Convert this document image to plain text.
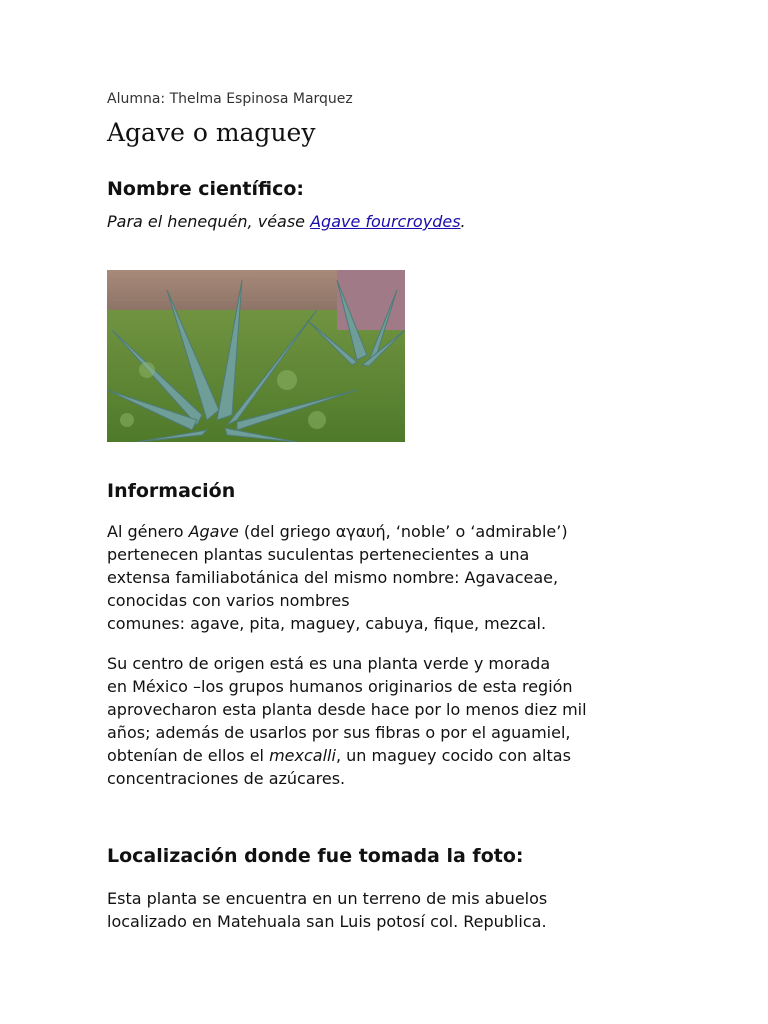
Alumna: Thelma Espinosa Marquez
Agave o maguey
Nombre científico:
Para el henequén, véase Agave fourcroydes.
Información

Al género Agave (del griego αγαυή, ‘noble’ o ‘admirable’)
pertenecen plantas suculentas pertenecientes a una
extensa familiabotánica del mismo nombre: Agavaceae,
conocidas con varios nombres
comunes: agave, pita, maguey, cabuya, fique, mezcal.

Su centro de origen está es una planta verde y morada
en México –los grupos humanos originarios de esta región
aprovecharon esta planta desde hace por lo menos diez mil
años; además de usarlos por sus fibras o por el aguamiel,
obtenían de ellos el mexcalli, un maguey cocido con altas
concentraciones de azúcares.

Localización donde fue tomada la foto:

Esta planta se encuentra en un terreno de mis abuelos
localizado en Matehuala san Luis potosí col. Republica.
